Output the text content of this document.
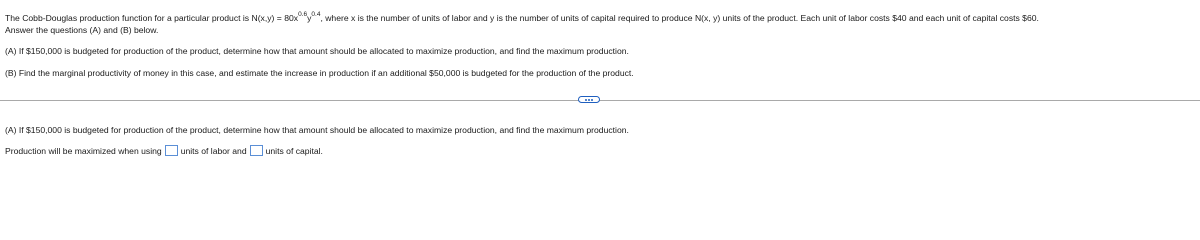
The Cobb-Douglas production function for a particular product is $N(x,y) = 80x^{0.6}y^{0.4}$, where x is the number of units of labor and y is the number of units of capital required to produce N(x, y) units of the product. Each unit of labor costs $40 and each unit of capital costs $60.
Answer the questions (A) and (B) below.
(A) If $150,000 is budgeted for production of the product, determine how that amount should be allocated to maximize production, and find the maximum production.
(B) Find the marginal productivity of money in this case, and estimate the increase in production if an additional $50,000 is budgeted for the production of the product.
(A) If $150,000 is budgeted for production of the product, determine how that amount should be allocated to maximize production, and find the maximum production.
Production will be maximized when using units of labor and units of capital.
